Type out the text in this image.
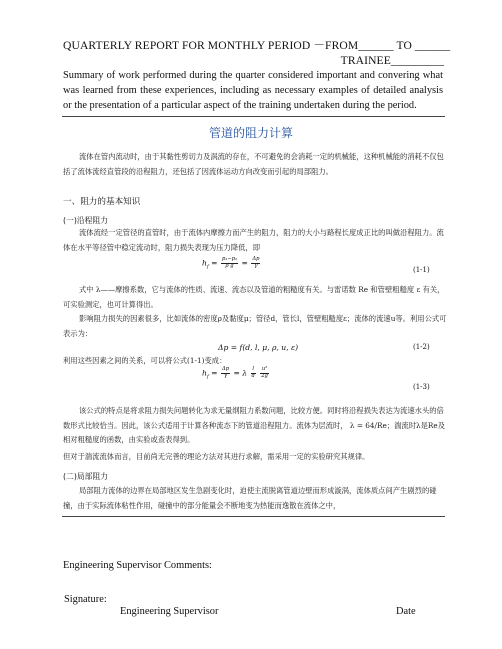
QUARTERLY REPORT FOR MONTHLY PERIOD －FROM______ TO ______
TRAINEE_________
Summary of work performed during the quarter considered important and convering what was learned from these experiences, including as necessary examples of detailed analysis or the presentation of a particular aspect of the training undertaken during the period.
管道的阻力计算
流体在管内流动时，由于其黏性剪切力及涡流的存在，不可避免的会消耗一定的机械能，这种机械能的消耗不仅包括了流体流经直管段的沿程阻力，还包括了因流体运动方向改变而引起的局部阻力。
一、阻力的基本知识
(一)沿程阻力
流体流经一定管径的直管时，由于流体内摩擦力而产生的阻力，阻力的大小与路程长度成正比的叫做沿程阻力。流体在水平等径管中稳定流动时，阻力损失表现为压力降低，即
$h_f = \frac{\text{p₁−p₂}}{\text{ρ g}} = \frac{\Delta p}{\gamma}$
(1-1)
式中 λ——摩擦系数，它与流体的性质、流速、流态以及管道的粗糙度有关。与雷诺数 Re 和管壁粗糙度 ε 有关，可实验测定，也可计算得出。
影响阻力损失的因素很多，比如流体的密度ρ及黏度μ；管径d，管长l，管壁粗糙度ε；流体的流速u等。利用公式可表示为：
Δp = f(d, l, μ, ρ, u, ε)	(1-2)
利用这些因素之间的关系，可以将公式(1-1)变成：
$h_f = \frac{\Delta p}{\gamma} = \lambda \frac{l}{d}$
$\frac{\text{u²}}{2g}$
(1-3)
该公式的特点是将求阻力损失问题转化为求无量纲阻力系数问题，比较方便。同时将沿程损失表达为流速水头的倍数形式比较恰当。因此，该公式适用于计算各种流态下的管道沿程阻力。流体为层流时， λ = 64/Re；湍流时λ是Re及相对粗糙度的函数，由实验或查表得到。
但对于湍流流体而言，目前尚无完善的理论方法对其进行求解，需采用一定的实验研究其规律。
(二)局部阻力
局部阻力流体的边界在局部地区发生急剧变化时，迫使主流脱离管道边壁而形成漩涡，流体质点间产生剧烈的碰撞，由于实际流体粘性作用，碰撞中的部分能量会不断地变为热能而逸散在流体之中，
Engineering Supervisor Comments:
Signature:
Engineering Supervisor	Date
